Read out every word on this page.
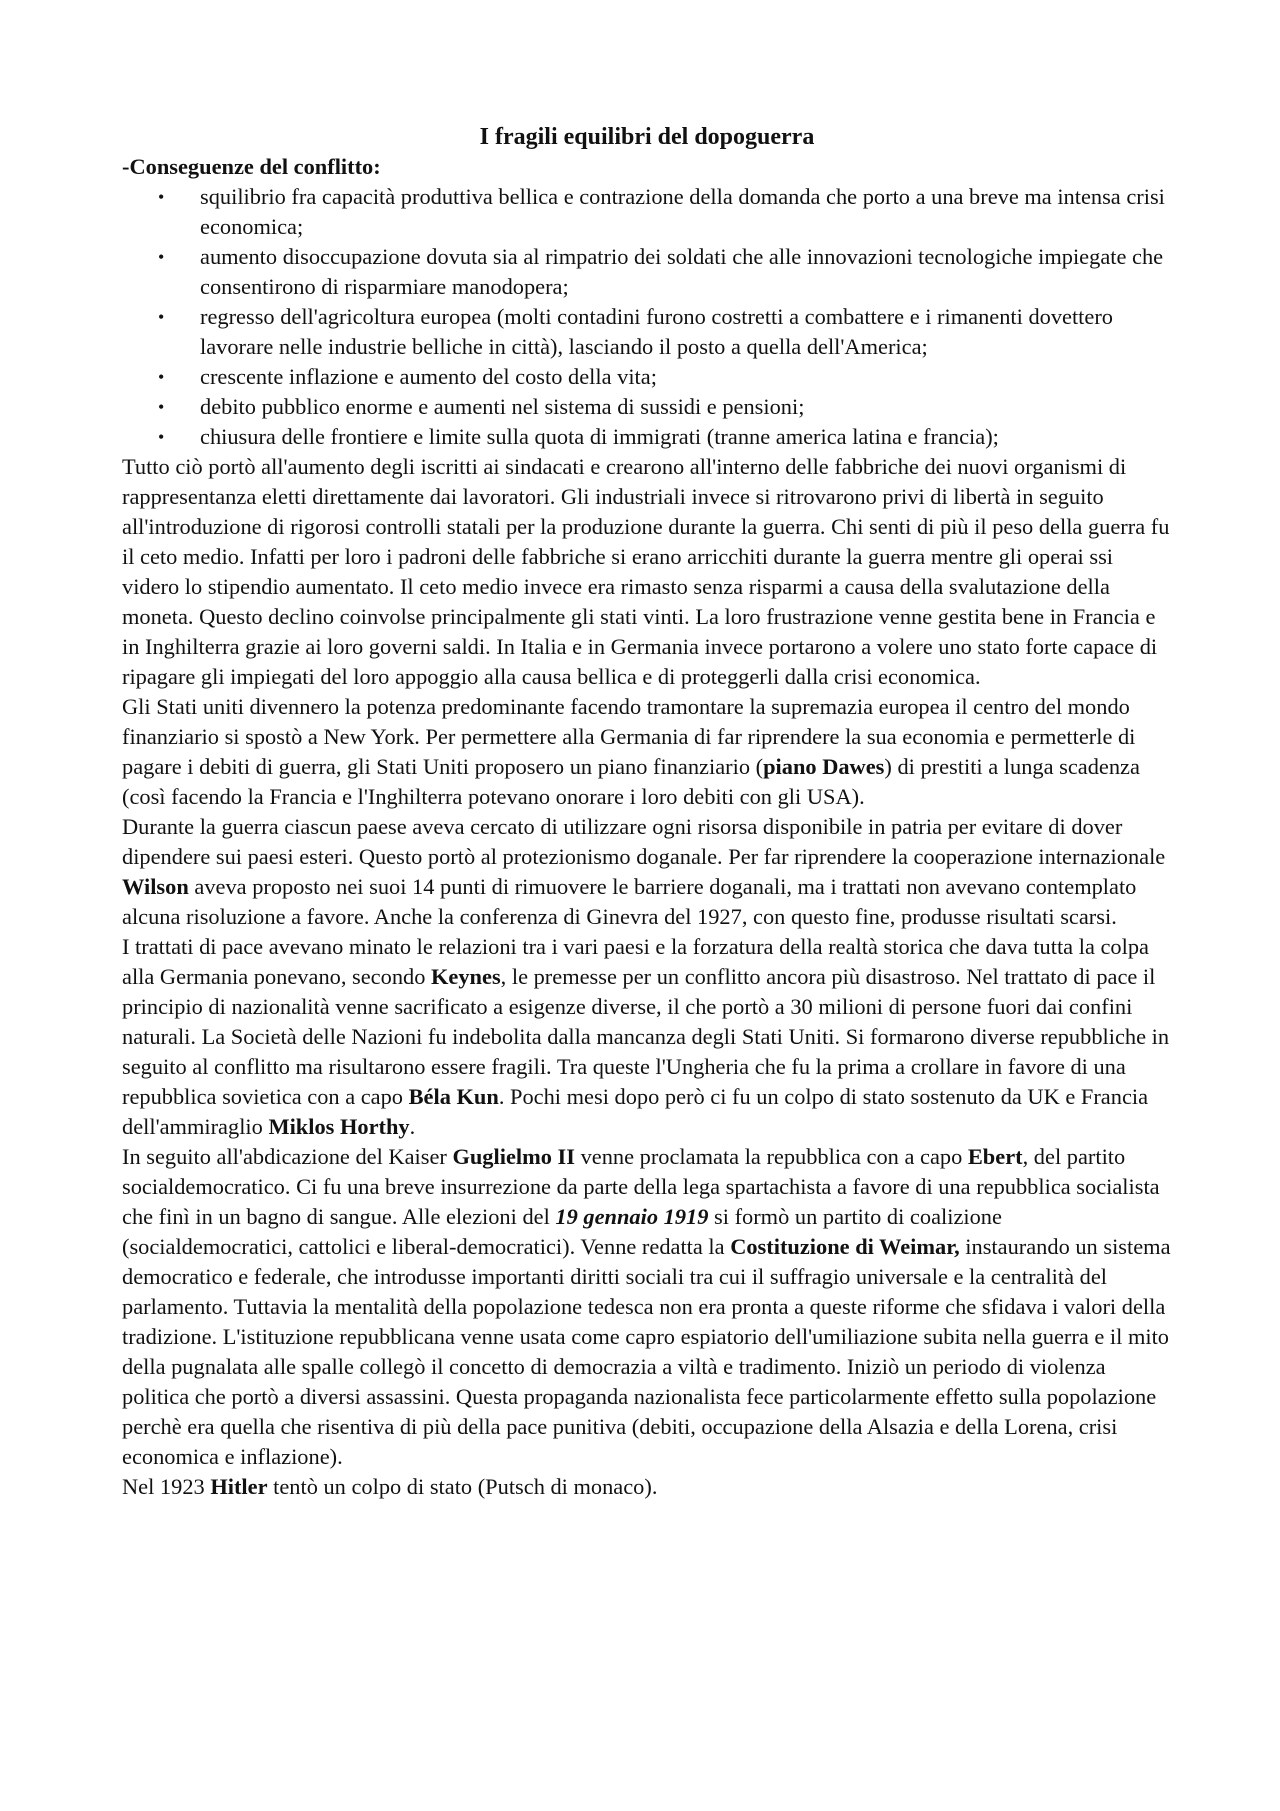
I fragili equilibri del dopoguerra

-Conseguenze del conflitto:

• squilibrio fra capacità produttiva bellica e contrazione della domanda che porto a una breve ma intensa crisi economica;
• aumento disoccupazione dovuta sia al rimpatrio dei soldati che alle innovazioni tecnologiche impiegate che consentirono di risparmiare manodopera;
• regresso dell'agricoltura europea (molti contadini furono costretti a combattere e i rimanenti dovettero lavorare nelle industrie belliche in città), lasciando il posto a quella dell'America;
• crescente inflazione e aumento del costo della vita;
• debito pubblico enorme e aumenti nel sistema di sussidi e pensioni;
• chiusura delle frontiere e limite sulla quota di immigrati (tranne america latina e francia);

Tutto ciò portò all'aumento degli iscritti ai sindacati e crearono all'interno delle fabbriche dei nuovi organismi di rappresentanza eletti direttamente dai lavoratori. Gli industriali invece si ritrovarono privi di libertà in seguito all'introduzione di rigorosi controlli statali per la produzione durante la guerra. Chi senti di più il peso della guerra fu il ceto medio. Infatti per loro i padroni delle fabbriche si erano arricchiti durante la guerra mentre gli operai ssi videro lo stipendio aumentato. Il ceto medio invece era rimasto senza risparmi a causa della svalutazione della moneta. Questo declino coinvolse principalmente gli stati vinti. La loro frustrazione venne gestita bene in Francia e in Inghilterra grazie ai loro governi saldi. In Italia e in Germania invece portarono a volere uno stato forte capace di ripagare gli impiegati del loro appoggio alla causa bellica e di proteggerli dalla crisi economica.

Gli Stati uniti divennero la potenza predominante facendo tramontare la supremazia europea il centro del mondo finanziario si spostò a New York. Per permettere alla Germania di far riprendere la sua economia e permetterle di pagare i debiti di guerra, gli Stati Uniti proposero un piano finanziario (piano Dawes) di prestiti a lunga scadenza (così facendo la Francia e l'Inghilterra potevano onorare i loro debiti con gli USA).

Durante la guerra ciascun paese aveva cercato di utilizzare ogni risorsa disponibile in patria per evitare di dover dipendere sui paesi esteri. Questo portò al protezionismo doganale. Per far riprendere la cooperazione internazionale Wilson aveva proposto nei suoi 14 punti di rimuovere le barriere doganali, ma i trattati non avevano contemplato alcuna risoluzione a favore. Anche la conferenza di Ginevra del 1927, con questo fine, produsse risultati scarsi.

I trattati di pace avevano minato le relazioni tra i vari paesi e la forzatura della realtà storica che dava tutta la colpa alla Germania ponevano, secondo Keynes, le premesse per un conflitto ancora più disastroso. Nel trattato di pace il principio di nazionalità venne sacrificato a esigenze diverse, il che portò a 30 milioni di persone fuori dai confini naturali. La Società delle Nazioni fu indebolita dalla mancanza degli Stati Uniti. Si formarono diverse repubbliche in seguito al conflitto ma risultarono essere fragili. Tra queste l'Ungheria che fu la prima a crollare in favore di una repubblica sovietica con a capo Béla Kun. Pochi mesi dopo però ci fu un colpo di stato sostenuto da UK e Francia dell'ammiraglio Miklos Horthy.

In seguito all'abdicazione del Kaiser Guglielmo II venne proclamata la repubblica con a capo Ebert, del partito socialdemocratico. Ci fu una breve insurrezione da parte della lega spartachista a favore di una repubblica socialista che finì in un bagno di sangue. Alle elezioni del 19 gennaio 1919 si formò un partito di coalizione (socialdemocratici, cattolici e liberal-democratici). Venne redatta la Costituzione di Weimar, instaurando un sistema democratico e federale, che introdusse importanti diritti sociali tra cui il suffragio universale e la centralità del parlamento. Tuttavia la mentalità della popolazione tedesca non era pronta a queste riforme che sfidava i valori della tradizione. L'istituzione repubblicana venne usata come capro espiatorio dell'umiliazione subita nella guerra e il mito della pugnalata alle spalle collegò il concetto di democrazia a viltà e tradimento. Iniziò un periodo di violenza politica che portò a diversi assassini. Questa propaganda nazionalista fece particolarmente effetto sulla popolazione perchè era quella che risentiva di più della pace punitiva (debiti, occupazione della Alsazia e della Lorena, crisi economica e inflazione).

Nel 1923 Hitler tentò un colpo di stato (Putsch di monaco).
